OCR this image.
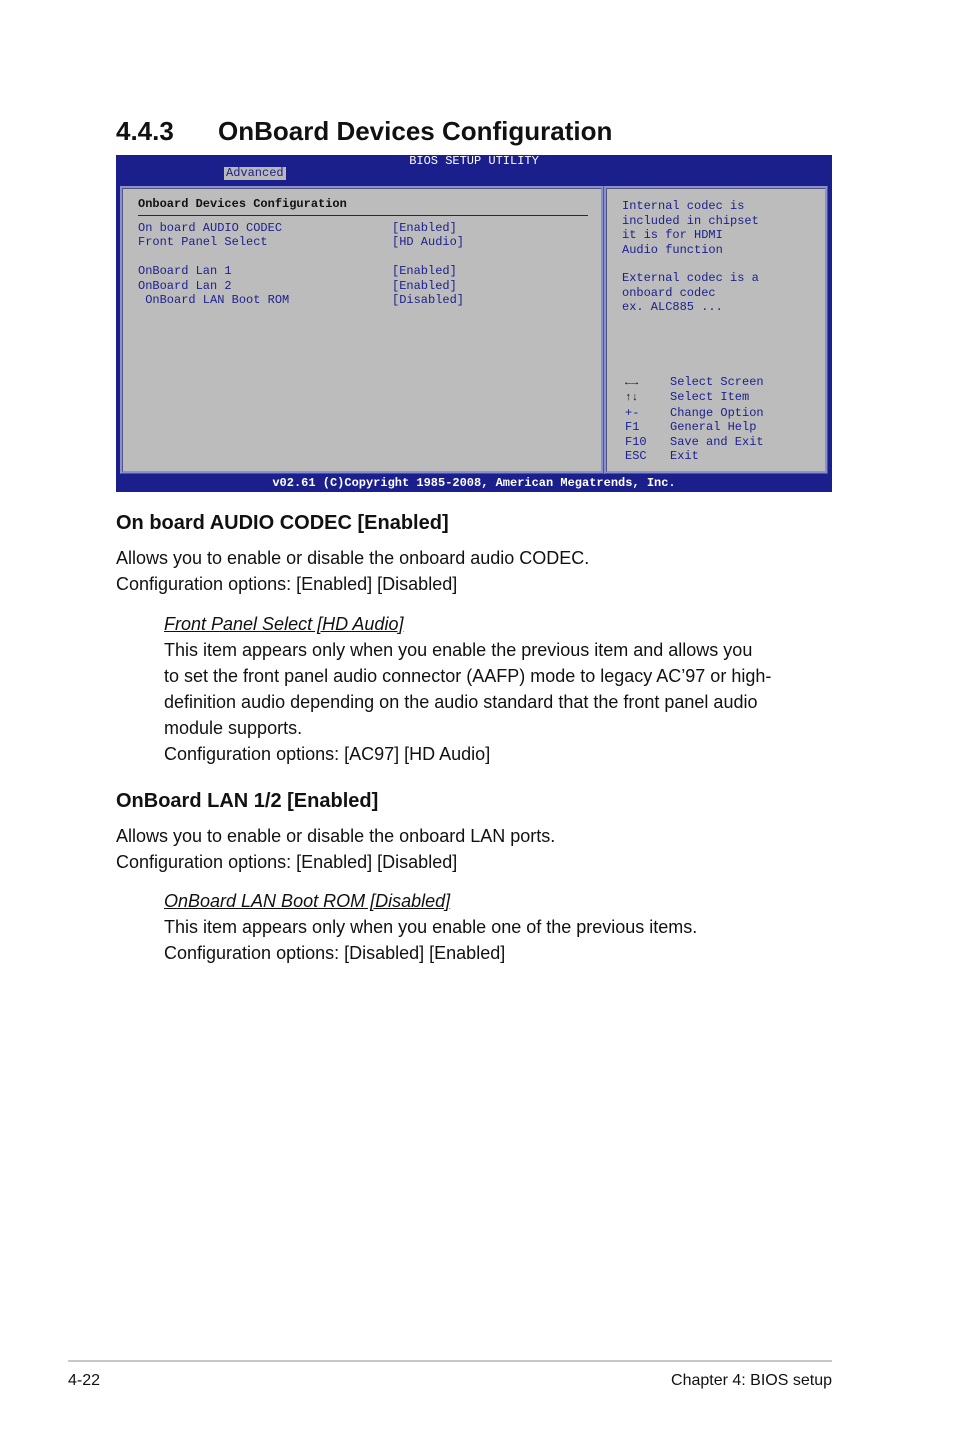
4.4.3 OnBoard Devices Configuration
BIOS SETUP UTILITY
Advanced
Onboard Devices Configuration
On board AUDIO CODEC	[Enabled]
Front Panel Select	[HD Audio]
OnBoard Lan 1	[Enabled]
OnBoard Lan 2	[Enabled]
OnBoard LAN Boot ROM	[Disabled]
Internal codec is
included in chipset
it is for HDMI
Audio function
External codec is a
onboard codec
ex. ALC885 ...
←→	Select Screen
↑↓	Select Item
+-	Change Option
F1	General Help
F10 Save and Exit
ESC Exit
v02.61 (C)Copyright 1985-2008, American Megatrends, Inc.
On board AUDIO CODEC [Enabled]

Allows you to enable or disable the onboard audio CODEC.

Configuration options: [Enabled] [Disabled]

Front Panel Select [HD Audio]

This item appears only when you enable the previous item and allows you

to set the front panel audio connector (AAFP) mode to legacy AC’97 or high-

definition audio depending on the audio standard that the front panel audio

module supports.

Configuration options: [AC97] [HD Audio]

OnBoard LAN 1/2 [Enabled]

Allows you to enable or disable the onboard LAN ports.

Configuration options: [Enabled] [Disabled]

OnBoard LAN Boot ROM [Disabled]

This item appears only when you enable one of the previous items.

Configuration options: [Disabled] [Enabled]

4-22	Chapter 4: BIOS setup
